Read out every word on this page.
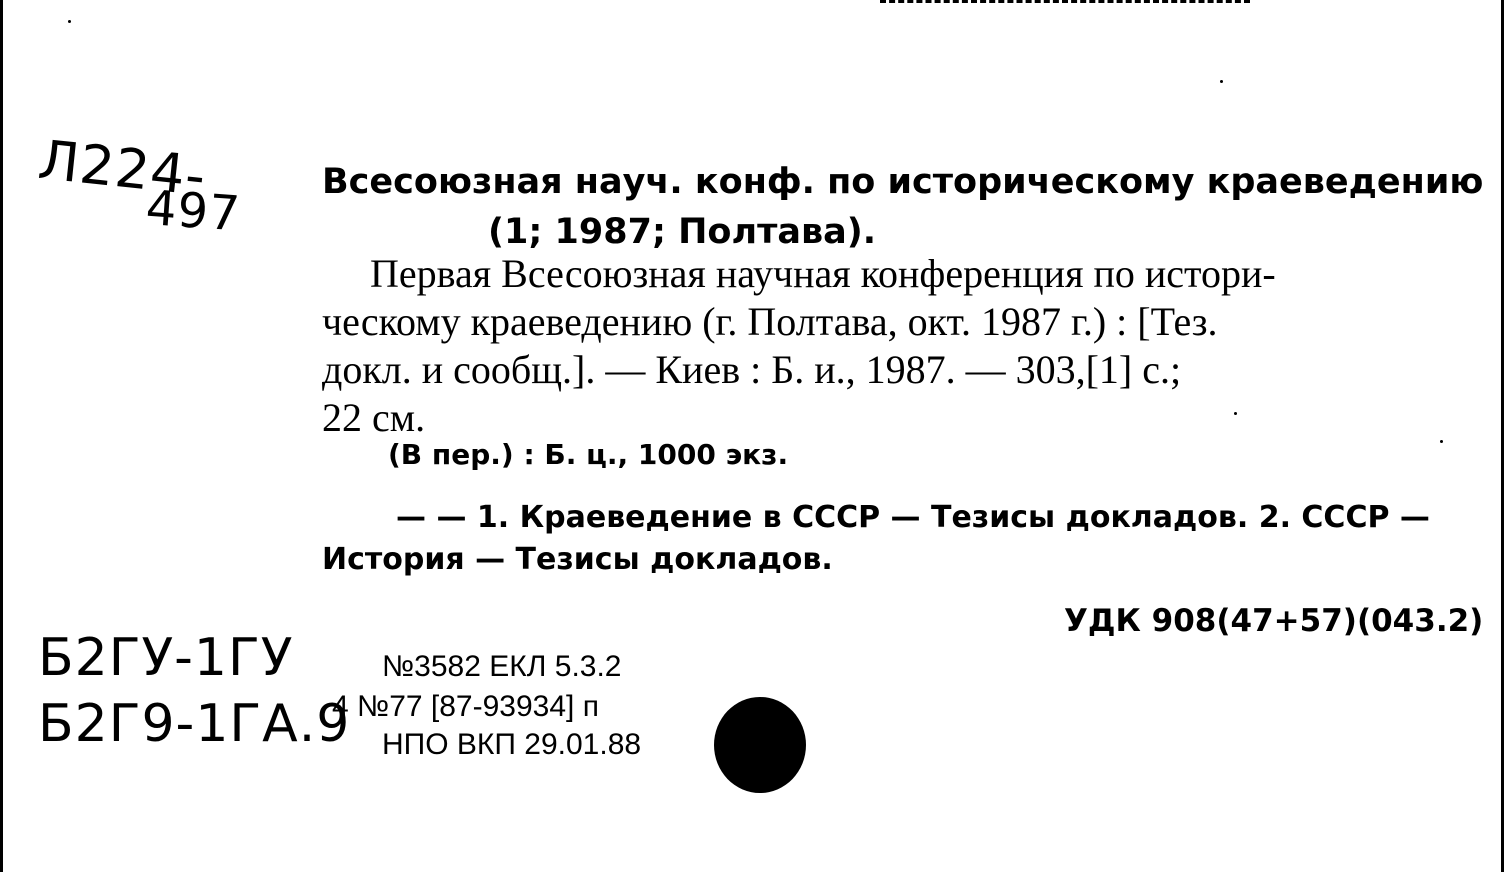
Л224-
497 Всесоюзная науч. конф. по историческому краеведению
(1; 1987; Полтава).
Первая Всесоюзная научная конференция по истори-
ческому краеведению (г. Полтава, окт. 1987 г.) : [Тез.
докл. и сообщ.]. — Киев : Б. и., 1987. — 303,[1] с.;
22 см.
(В пер.) : Б. ц., 1000 экз.
— — 1. Краеведение в СССР — Тезисы докладов. 2. СССР —
История — Тезисы докладов.
УДК 908(47+57)(043.2)
Б2ГУ-1ГУ
Б2Г9-1ГА.9
№3582 ЕКЛ 5.3.2
4 №77 [87-93934] п
НПО ВКП 29.01.88
